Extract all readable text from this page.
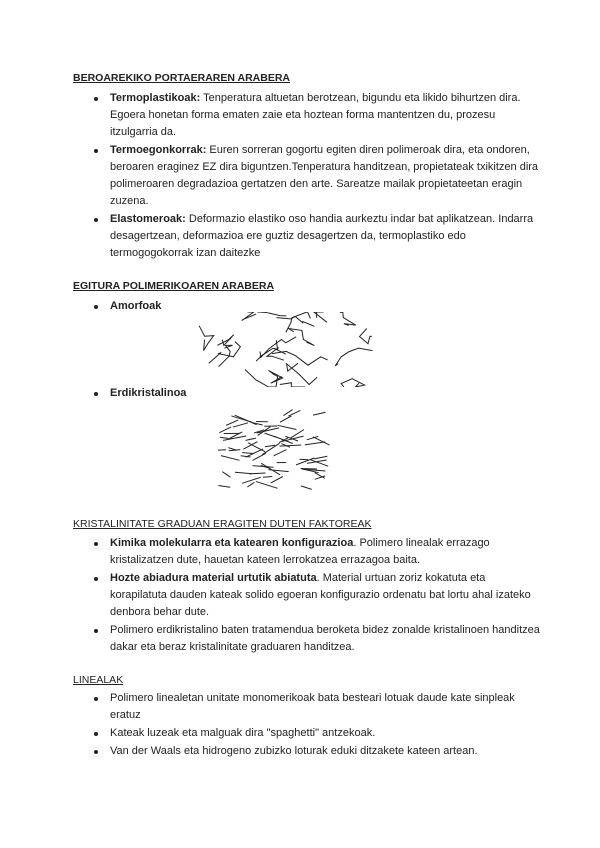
BEROAREKIKO PORTAERAREN ARABERA
Termoplastikoak: Tenperatura altuetan berotzean, bigundu eta likido bihurtzen dira. Egoera honetan forma ematen zaie eta hoztean forma mantentzen du, prozesu itzulgarria da.
Termoegonkorrak: Euren sorreran gogortu egiten diren polimeroak dira, eta ondoren, beroaren eraginez EZ dira biguntzen.Tenperatura handitzean, propietateak txikitzen dira polimeroaren degradazioa gertatzen den arte. Sareatze mailak propietateetan eragin zuzena.
Elastomeroak: Deformazio elastiko oso handia aurkeztu indar bat aplikatzean. Indarra desagertzean, deformazioa ere guztiz desagertzen da, termoplastiko edo termogogokorrak izan daitezke
EGITURA POLIMERIKOAREN ARABERA
Amorfoak
Erdikristalinoa
KRISTALINITATE GRADUAN ERAGITEN DUTEN FAKTOREAK
Kimika molekularra eta katearen konfigurazioa. Polimero linealak errazago kristalizatzen dute, hauetan kateen lerrokatzea errazagoa baita.
Hozte abiadura material urtutik abiatuta. Material urtuan zoriz kokatuta eta korapilatuta dauden kateak solido egoeran konfigurazio ordenatu bat lortu ahal izateko denbora behar dute.
Polimero erdikristalino baten tratamendua beroketa bidez zonalde kristalinoen handitzea dakar eta beraz kristalinitate graduaren handitzea.
LINEALAK
Polimero linealetan unitate monomerikoak bata besteari lotuak daude kate sinpleak eratuz
Kateak luzeak eta malguak dira "spaghetti" antzekoak.
Van der Waals eta hidrogeno zubizko loturak eduki ditzakete kateen artean.
